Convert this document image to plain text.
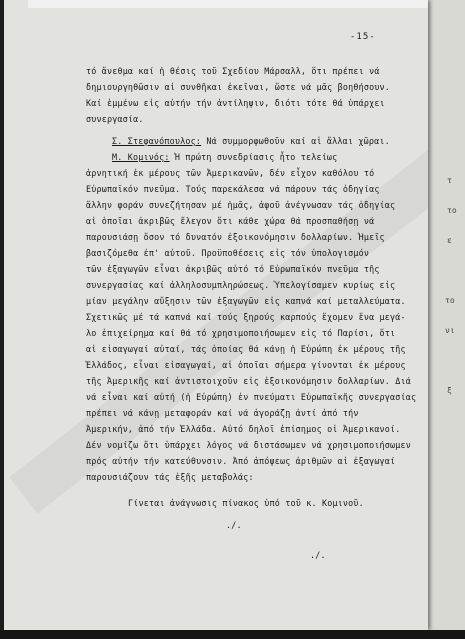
τ
το
ε
το
νι
ξ
-15-
τό ἄνεθμα καί ἡ θέσις τοῦ Σχεδίου Μάρσαλλ, ὅτι πρέπει νά
δημιουργηθῶσιν αἱ συνθῆκαι ἐκεῖναι, ὥστε νά μᾶς βοηθήσουν.
Καί ἐμμένω εἰς αὐτήν τήν ἀντίληψιν, διότι τότε θά ὑπάρχει
συνεργασία.
Σ. Στεφανόπουλος: Νά συμμορφωθοῦν καί αἱ ἄλλαι χῶραι.
Μ. Κομινός: Ἡ πρώτη συνεδρίασις ἦτο τελείως
ἀρνητική ἐκ μέρους τῶν Ἀμερικανῶν, δέν εἶχον καθόλου τό
Εὐρωπαϊκόν πνεῦμα. Τούς παρεκάλεσα νά πάρουν τάς ὁδηγίας
ἄλλην φοράν συνεζήτησαν μέ ἡμᾶς, ἀφοῦ ἀνέγνωσαν τάς ὁδηγίας
αἱ ὁποῖαι ἀκριβῶς ἔλεγον ὅτι κάθε χώρα θά προσπαθήσῃ νά
παρουσιάσῃ ὅσον τό δυνατόν ἐξοικονόμησιν δολλαρίων. Ἡμεῖς
βασιζόμεθα ἐπ' αὐτοῦ. Προϋποθέσεις εἰς τόν ὑπολογισμόν
τῶν ἐξαγωγῶν εἶναι ἀκριβῶς αὐτό τό Εὐρωπαϊκόν πνεῦμα τῆς
συνεργασίας καί ἀλληλοσυμπληρώσεως. Ὑπελογίσαμεν κυρίως εἰς
μίαν μεγάλην αὔξησιν τῶν ἐξαγωγῶν εἰς καπνά καί μεταλλεύματα.
Σχετικῶς μέ τά καπνά καί τούς ξηρούς καρπούς ἔχομεν ἕνα μεγά-
λο ἐπιχείρημα καί θά τό χρησιμοποιήσωμεν εἰς τό Παρίσι, ὅτι
αἱ εἰσαγωγαί αὐταί, τάς ὁποίας θά κάνῃ ἡ Εὐρώπη ἐκ μέρους τῆς
Ἑλλάδος, εἶναι εἰσαγωγαί, αἱ ὁποῖαι σήμερα γίνονται ἐκ μέρους
τῆς Ἀμερικῆς καί ἀντιστοιχοῦν εἰς ἐξοικονόμησιν δολλαρίων. Διά
νά εἶναι καί αὐτή (ἡ Εὐρώπη) ἐν πνεύματι Εὐρωπαϊκῆς συνεργασίας
πρέπει νά κάνῃ μεταφοράν καί νά ἀγοράζῃ ἀντί ἀπό τήν
Ἀμερικήν, ἀπό τήν Ἑλλάδα. Αὐτό δηλοῖ ἐπίσημος οἱ Ἀμερικανοί.
Δέν νομίζω ὅτι ὑπάρχει λόγος νά διστάσωμεν νά χρησιμοποιήσωμεν
πρός αὐτήν τήν κατεύθυνσιν. Ἀπό ἀπόψεως ἀριθμῶν αἱ ἐξαγωγαί
παρουσιάζουν τάς ἑξῆς μεταβολάς:
Γίνεται ἀνάγνωσις πίνακος ὑπό τοῦ κ. Κομινοῦ.
./.
./.
